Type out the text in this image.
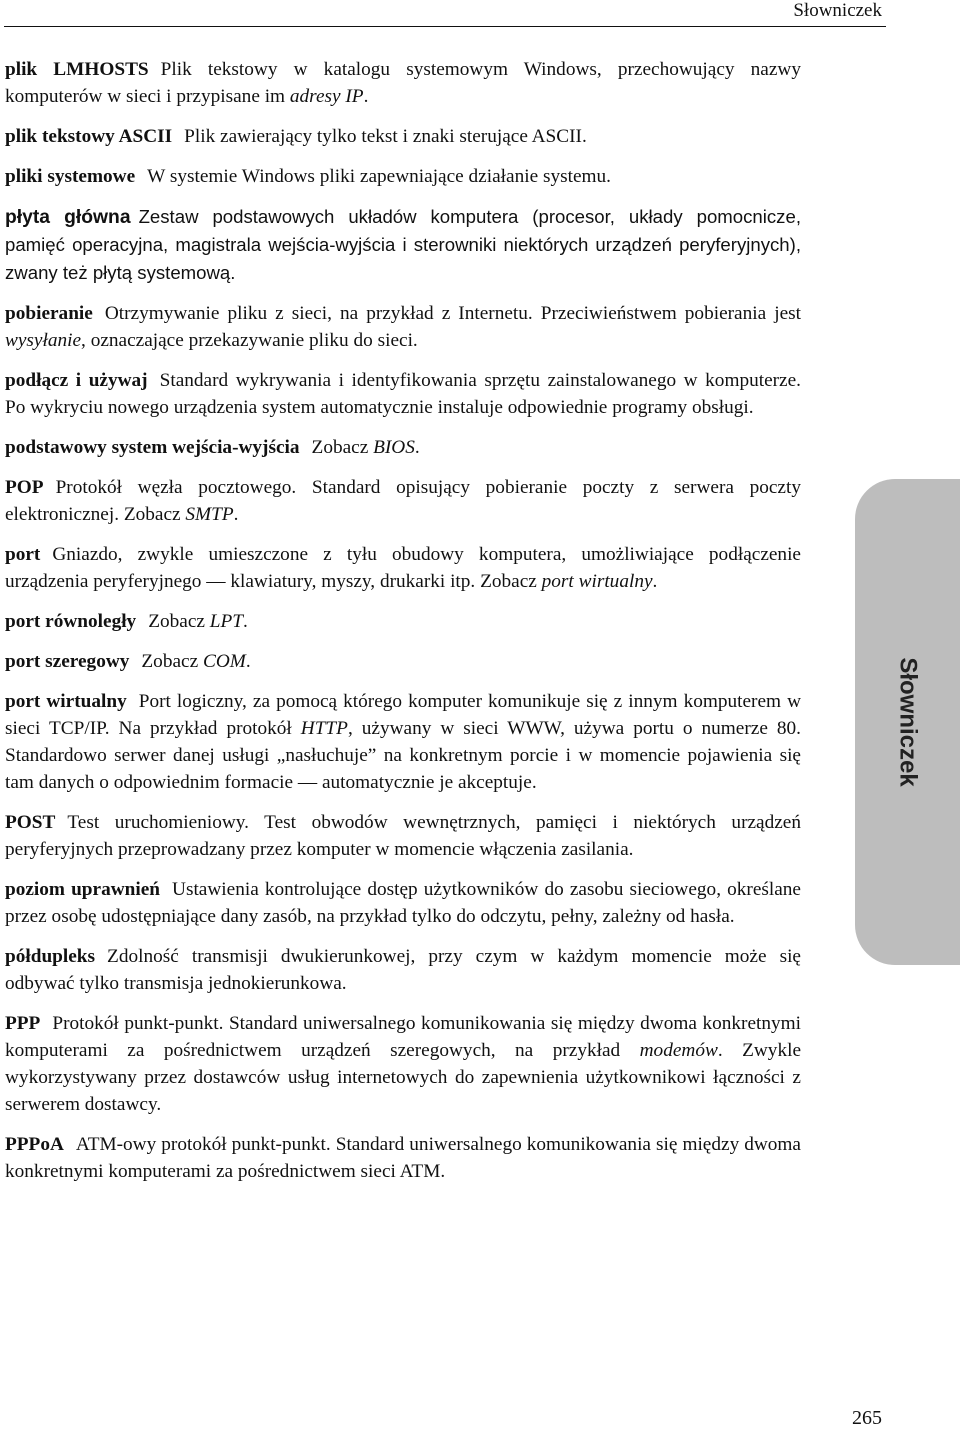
Słowniczek

plik LMHOSTS Plik tekstowy w katalogu systemowym Windows, przechowujący nazwy komputerów w sieci i przypisane im adresy IP.

plik tekstowy ASCII Plik zawierający tylko tekst i znaki sterujące ASCII.

pliki systemowe W systemie Windows pliki zapewniające działanie systemu.

płyta główna Zestaw podstawowych układów komputera (procesor, układy pomocnicze, pamięć operacyjna, magistrala wejścia-wyjścia i sterowniki niektórych urządzeń peryferyjnych), zwany też płytą systemową.

pobieranie Otrzymywanie pliku z sieci, na przykład z Internetu. Przeciwieństwem pobierania jest wysyłanie, oznaczające przekazywanie pliku do sieci.

podłącz i używaj Standard wykrywania i identyfikowania sprzętu zainstalowanego w komputerze. Po wykryciu nowego urządzenia system automatycznie instaluje odpowiednie programy obsługi.

podstawowy system wejścia-wyjścia Zobacz BIOS.

POP Protokół węzła pocztowego. Standard opisujący pobieranie poczty z serwera poczty elektronicznej. Zobacz SMTP.

port Gniazdo, zwykle umieszczone z tyłu obudowy komputera, umożliwiające podłączenie urządzenia peryferyjnego — klawiatury, myszy, drukarki itp. Zobacz port wirtualny.

port równoległy Zobacz LPT.

port szeregowy Zobacz COM.

port wirtualny Port logiczny, za pomocą którego komputer komunikuje się z innym komputerem w sieci TCP/IP. Na przykład protokół HTTP, używany w sieci WWW, używa portu o numerze 80. Standardowo serwer danej usługi „nasłuchuje” na konkretnym porcie i w momencie pojawienia się tam danych o odpowiednim formacie — automatycznie je akceptuje.

POST Test uruchomieniowy. Test obwodów wewnętrznych, pamięci i niektórych urządzeń peryferyjnych przeprowadzany przez komputer w momencie włączenia zasilania.

poziom uprawnień Ustawienia kontrolujące dostęp użytkowników do zasobu sieciowego, określane przez osobę udostępniające dany zasób, na przykład tylko do odczytu, pełny, zależny od hasła.

półdupleks Zdolność transmisji dwukierunkowej, przy czym w każdym momencie może się odbywać tylko transmisja jednokierunkowa.

PPP Protokół punkt-punkt. Standard uniwersalnego komunikowania się między dwoma konkretnymi komputerami za pośrednictwem urządzeń szeregowych, na przykład modemów. Zwykle wykorzystywany przez dostawców usług internetowych do zapewnienia użytkownikowi łączności z serwerem dostawcy.

PPPoA ATM-owy protokół punkt-punkt. Standard uniwersalnego komunikowania się między dwoma konkretnymi komputerami za pośrednictwem sieci ATM.

Słowniczek
265
